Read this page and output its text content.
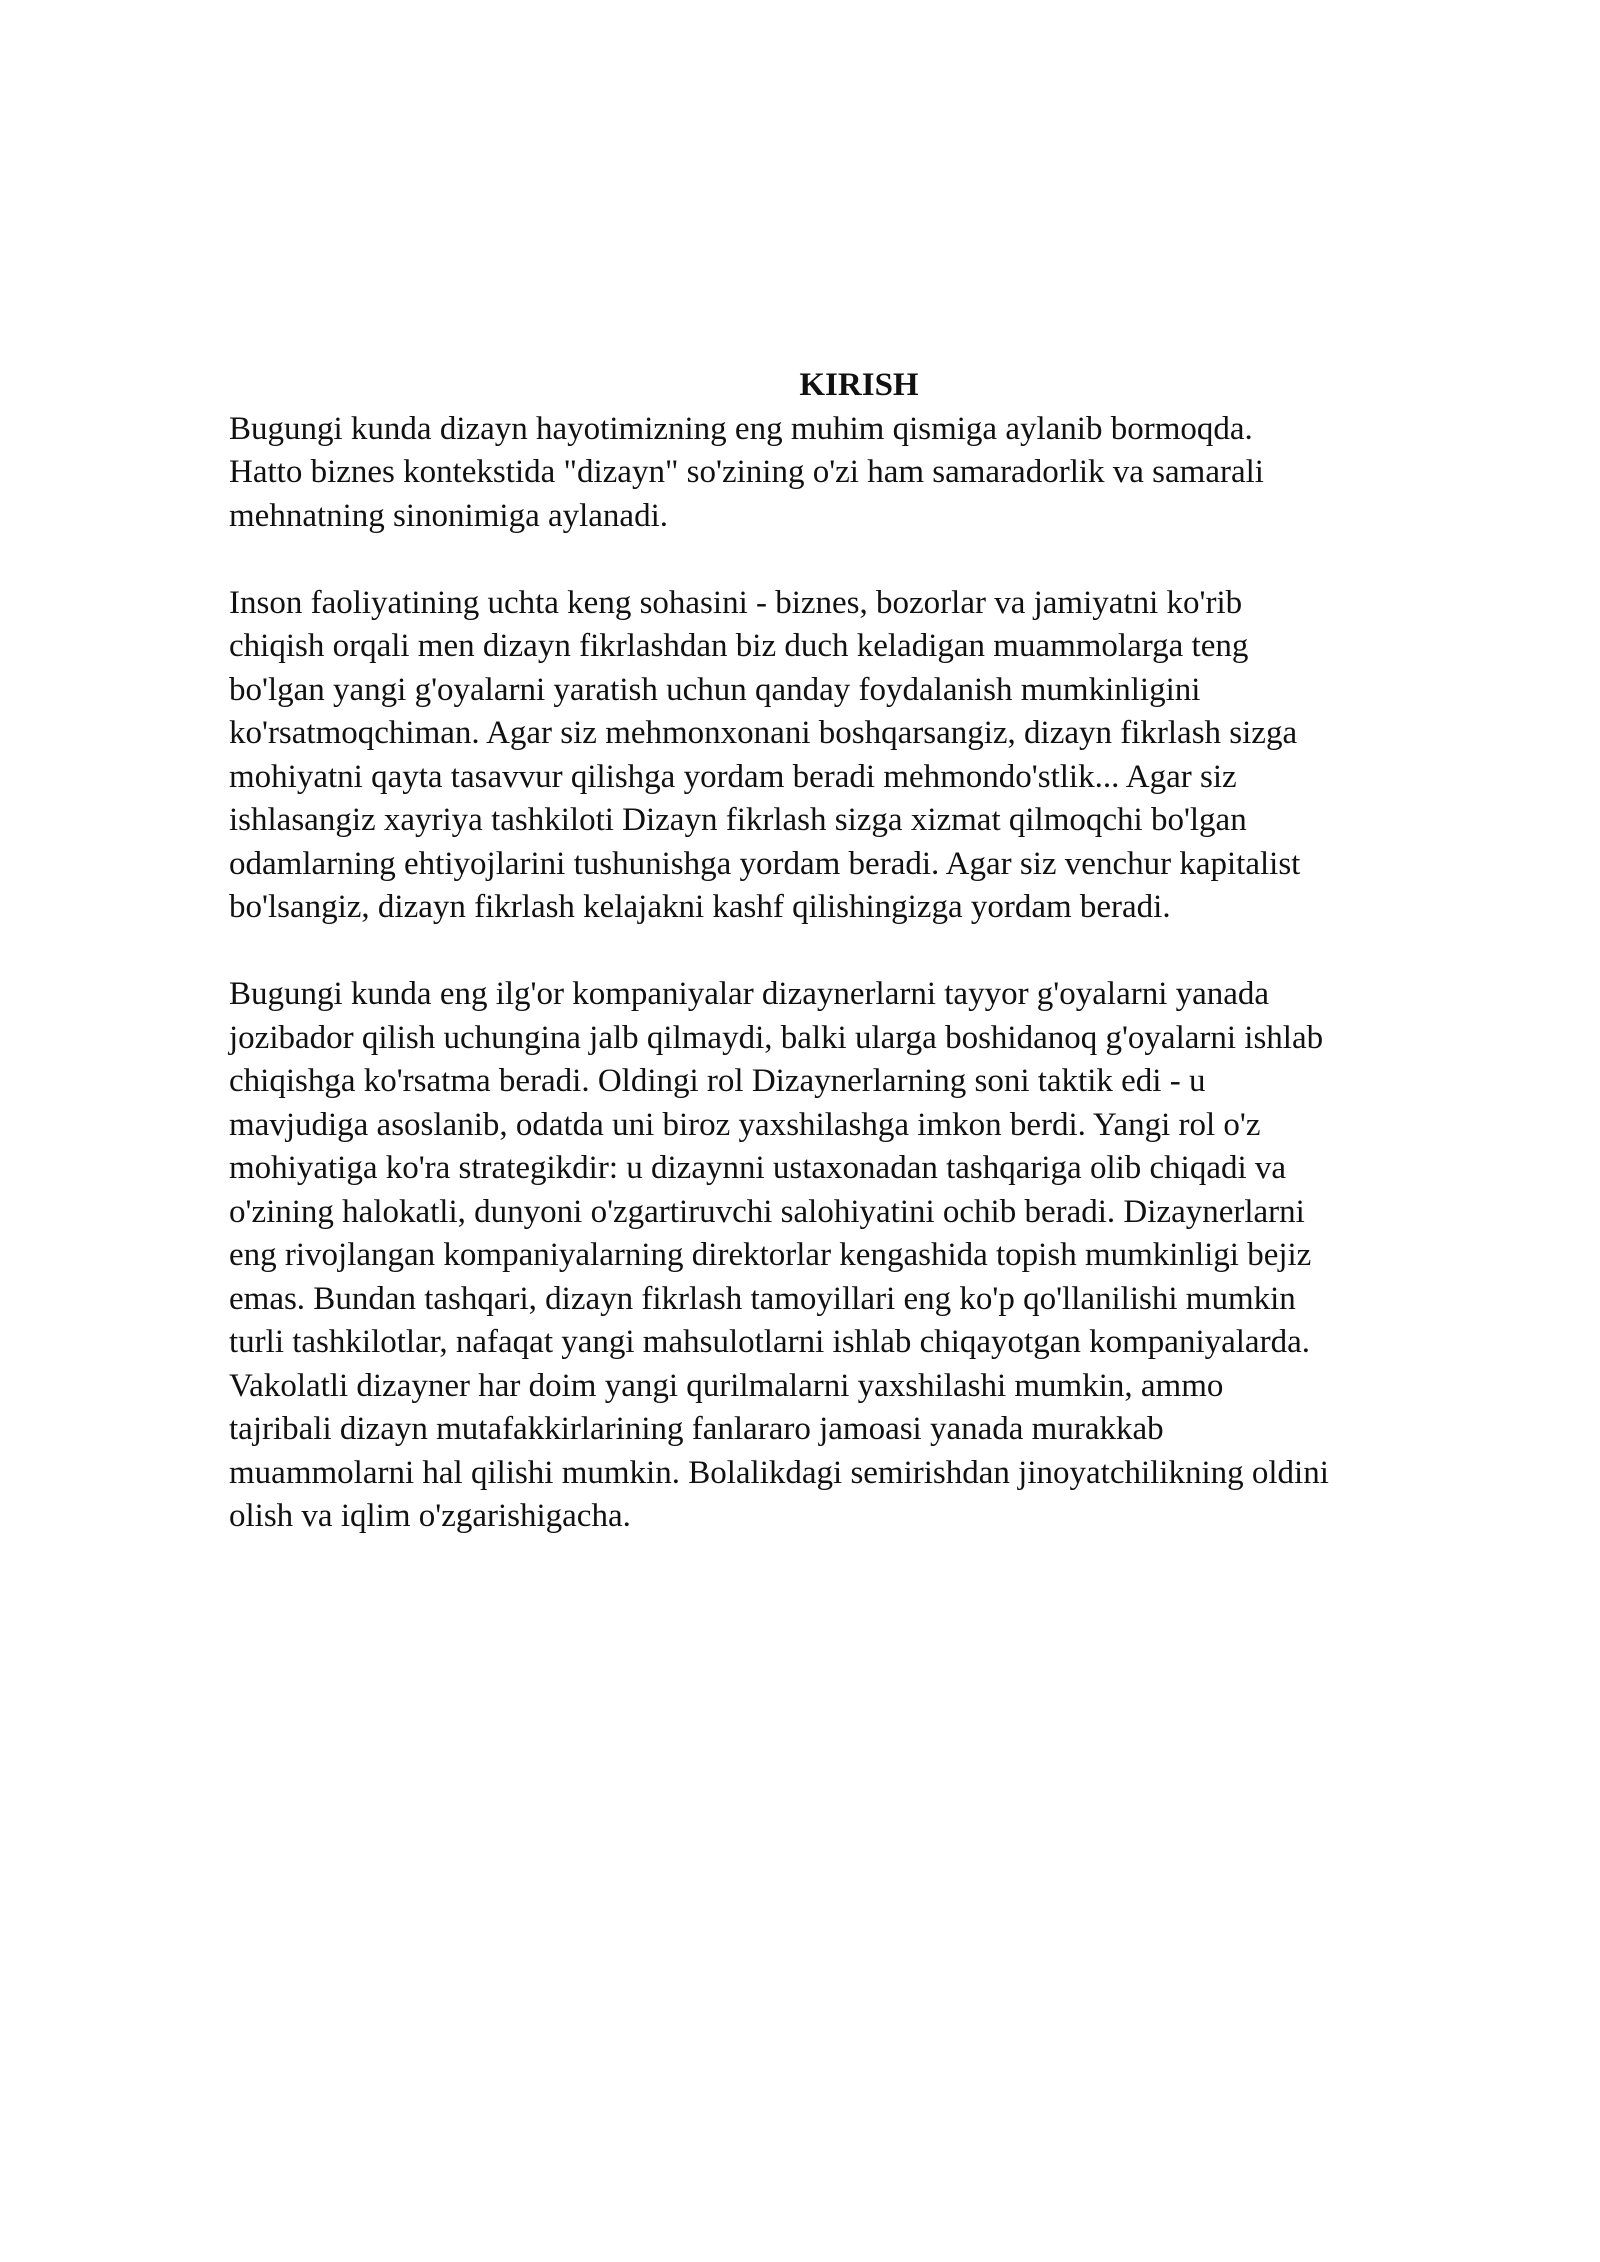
KIRISH

Bugungi kunda dizayn hayotimizning eng muhim qismiga aylanib bormoqda.
Hatto biznes kontekstida "dizayn" so'zining o'zi ham samaradorlik va samarali
mehnatning sinonimiga aylanadi.

Inson faoliyatining uchta keng sohasini - biznes, bozorlar va jamiyatni ko'rib
chiqish orqali men dizayn fikrlashdan biz duch keladigan muammolarga teng
bo'lgan yangi g'oyalarni yaratish uchun qanday foydalanish mumkinligini
ko'rsatmoqchiman. Agar siz mehmonxonani boshqarsangiz, dizayn fikrlash sizga
mohiyatni qayta tasavvur qilishga yordam beradi mehmondo'stlik... Agar siz
ishlasangiz xayriya tashkiloti Dizayn fikrlash sizga xizmat qilmoqchi bo'lgan
odamlarning ehtiyojlarini tushunishga yordam beradi. Agar siz venchur kapitalist
bo'lsangiz, dizayn fikrlash kelajakni kashf qilishingizga yordam beradi.

Bugungi kunda eng ilg'or kompaniyalar dizaynerlarni tayyor g'oyalarni yanada
jozibador qilish uchungina jalb qilmaydi, balki ularga boshidanoq g'oyalarni ishlab
chiqishga ko'rsatma beradi. Oldingi rol Dizaynerlarning soni taktik edi - u
mavjudiga asoslanib, odatda uni biroz yaxshilashga imkon berdi. Yangi rol o'z
mohiyatiga ko'ra strategikdir: u dizaynni ustaxonadan tashqariga olib chiqadi va
o'zining halokatli, dunyoni o'zgartiruvchi salohiyatini ochib beradi. Dizaynerlarni
eng rivojlangan kompaniyalarning direktorlar kengashida topish mumkinligi bejiz
emas. Bundan tashqari, dizayn fikrlash tamoyillari eng ko'p qo'llanilishi mumkin
turli tashkilotlar, nafaqat yangi mahsulotlarni ishlab chiqayotgan kompaniyalarda.
Vakolatli dizayner har doim yangi qurilmalarni yaxshilashi mumkin, ammo
tajribali dizayn mutafakkirlarining fanlararo jamoasi yanada murakkab
muammolarni hal qilishi mumkin. Bolalikdagi semirishdan jinoyatchilikning oldini
olish va iqlim o'zgarishigacha.
